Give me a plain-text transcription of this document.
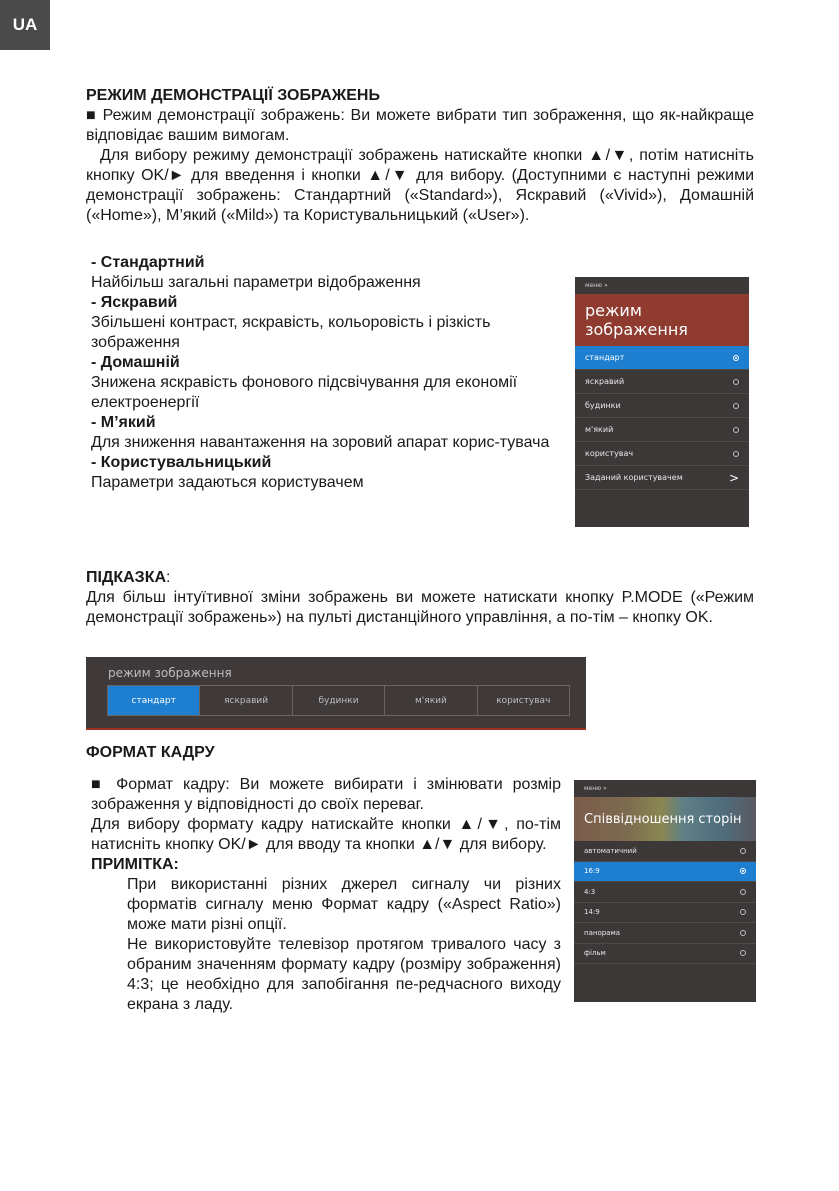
UA

РЕЖИМ ДЕМОНСТРАЦІЇ ЗОБРАЖЕНЬ

■ Режим демонстрації зображень: Ви можете вибрати тип зображення, що як-найкраще відповідає вашим вимогам.

Для вибору режиму демонстрації зображень натискайте кнопки ▲/▼, потім натисніть кнопку OK/► для введення і кнопки ▲/▼ для вибору. (Доступними є наступні режими демонстрації зображень: Стандартний («Standard»), Яскравий («Vivid»), Домашній («Home»), М’який («Mild») та Користувальницький («User»).

- Стандартний
Найбільш загальні параметри відображення
- Яскравий
Збільшені контраст, яскравість, кольоровість і різкість зображення
- Домашній
Знижена яскравість фонового підсвічування для економії електроенергії
- М’який
Для зниження навантаження на зоровий апарат корис-тувача
- Користувальницький
Параметри задаються користувачем
меню »
режим зображення
стандарт
яскравий
будинки
м'який
користувач
Заданий користувачем	>

ПІДКАЗКА:

Для більш інтуїтивної зміни зображень ви можете натискати кнопку P.MODE («Режим демонстрації зображень») на пульті дистанційного управління, а по-тім – кнопку OK.

режим зображення
стандарт	яскравий	будинки	м'який	користувач
ФОРМАТ КАДРУ

■ Формат кадру: Ви можете вибирати і змінювати розмір зображення у відповідності до своїх переваг.

Для вибору формату кадру натискайте кнопки ▲/▼, по-тім натисніть кнопку OK/► для вводу та кнопки ▲/▼ для вибору.

ПРИМІТКА:

При використанні різних джерел сигналу чи різних форматів сигналу меню Формат кадру («Aspect Ratio») може мати різні опції.

Не використовуйте телевізор протягом тривалого часу з обраним значенням формату кадру (розміру зображення) 4:3; це необхідно для запобігання пе-редчасного виходу екрана з ладу.

меню »
Співвідношення сторін
автоматичний
16:9
4:3
14:9
панорама
фільм
